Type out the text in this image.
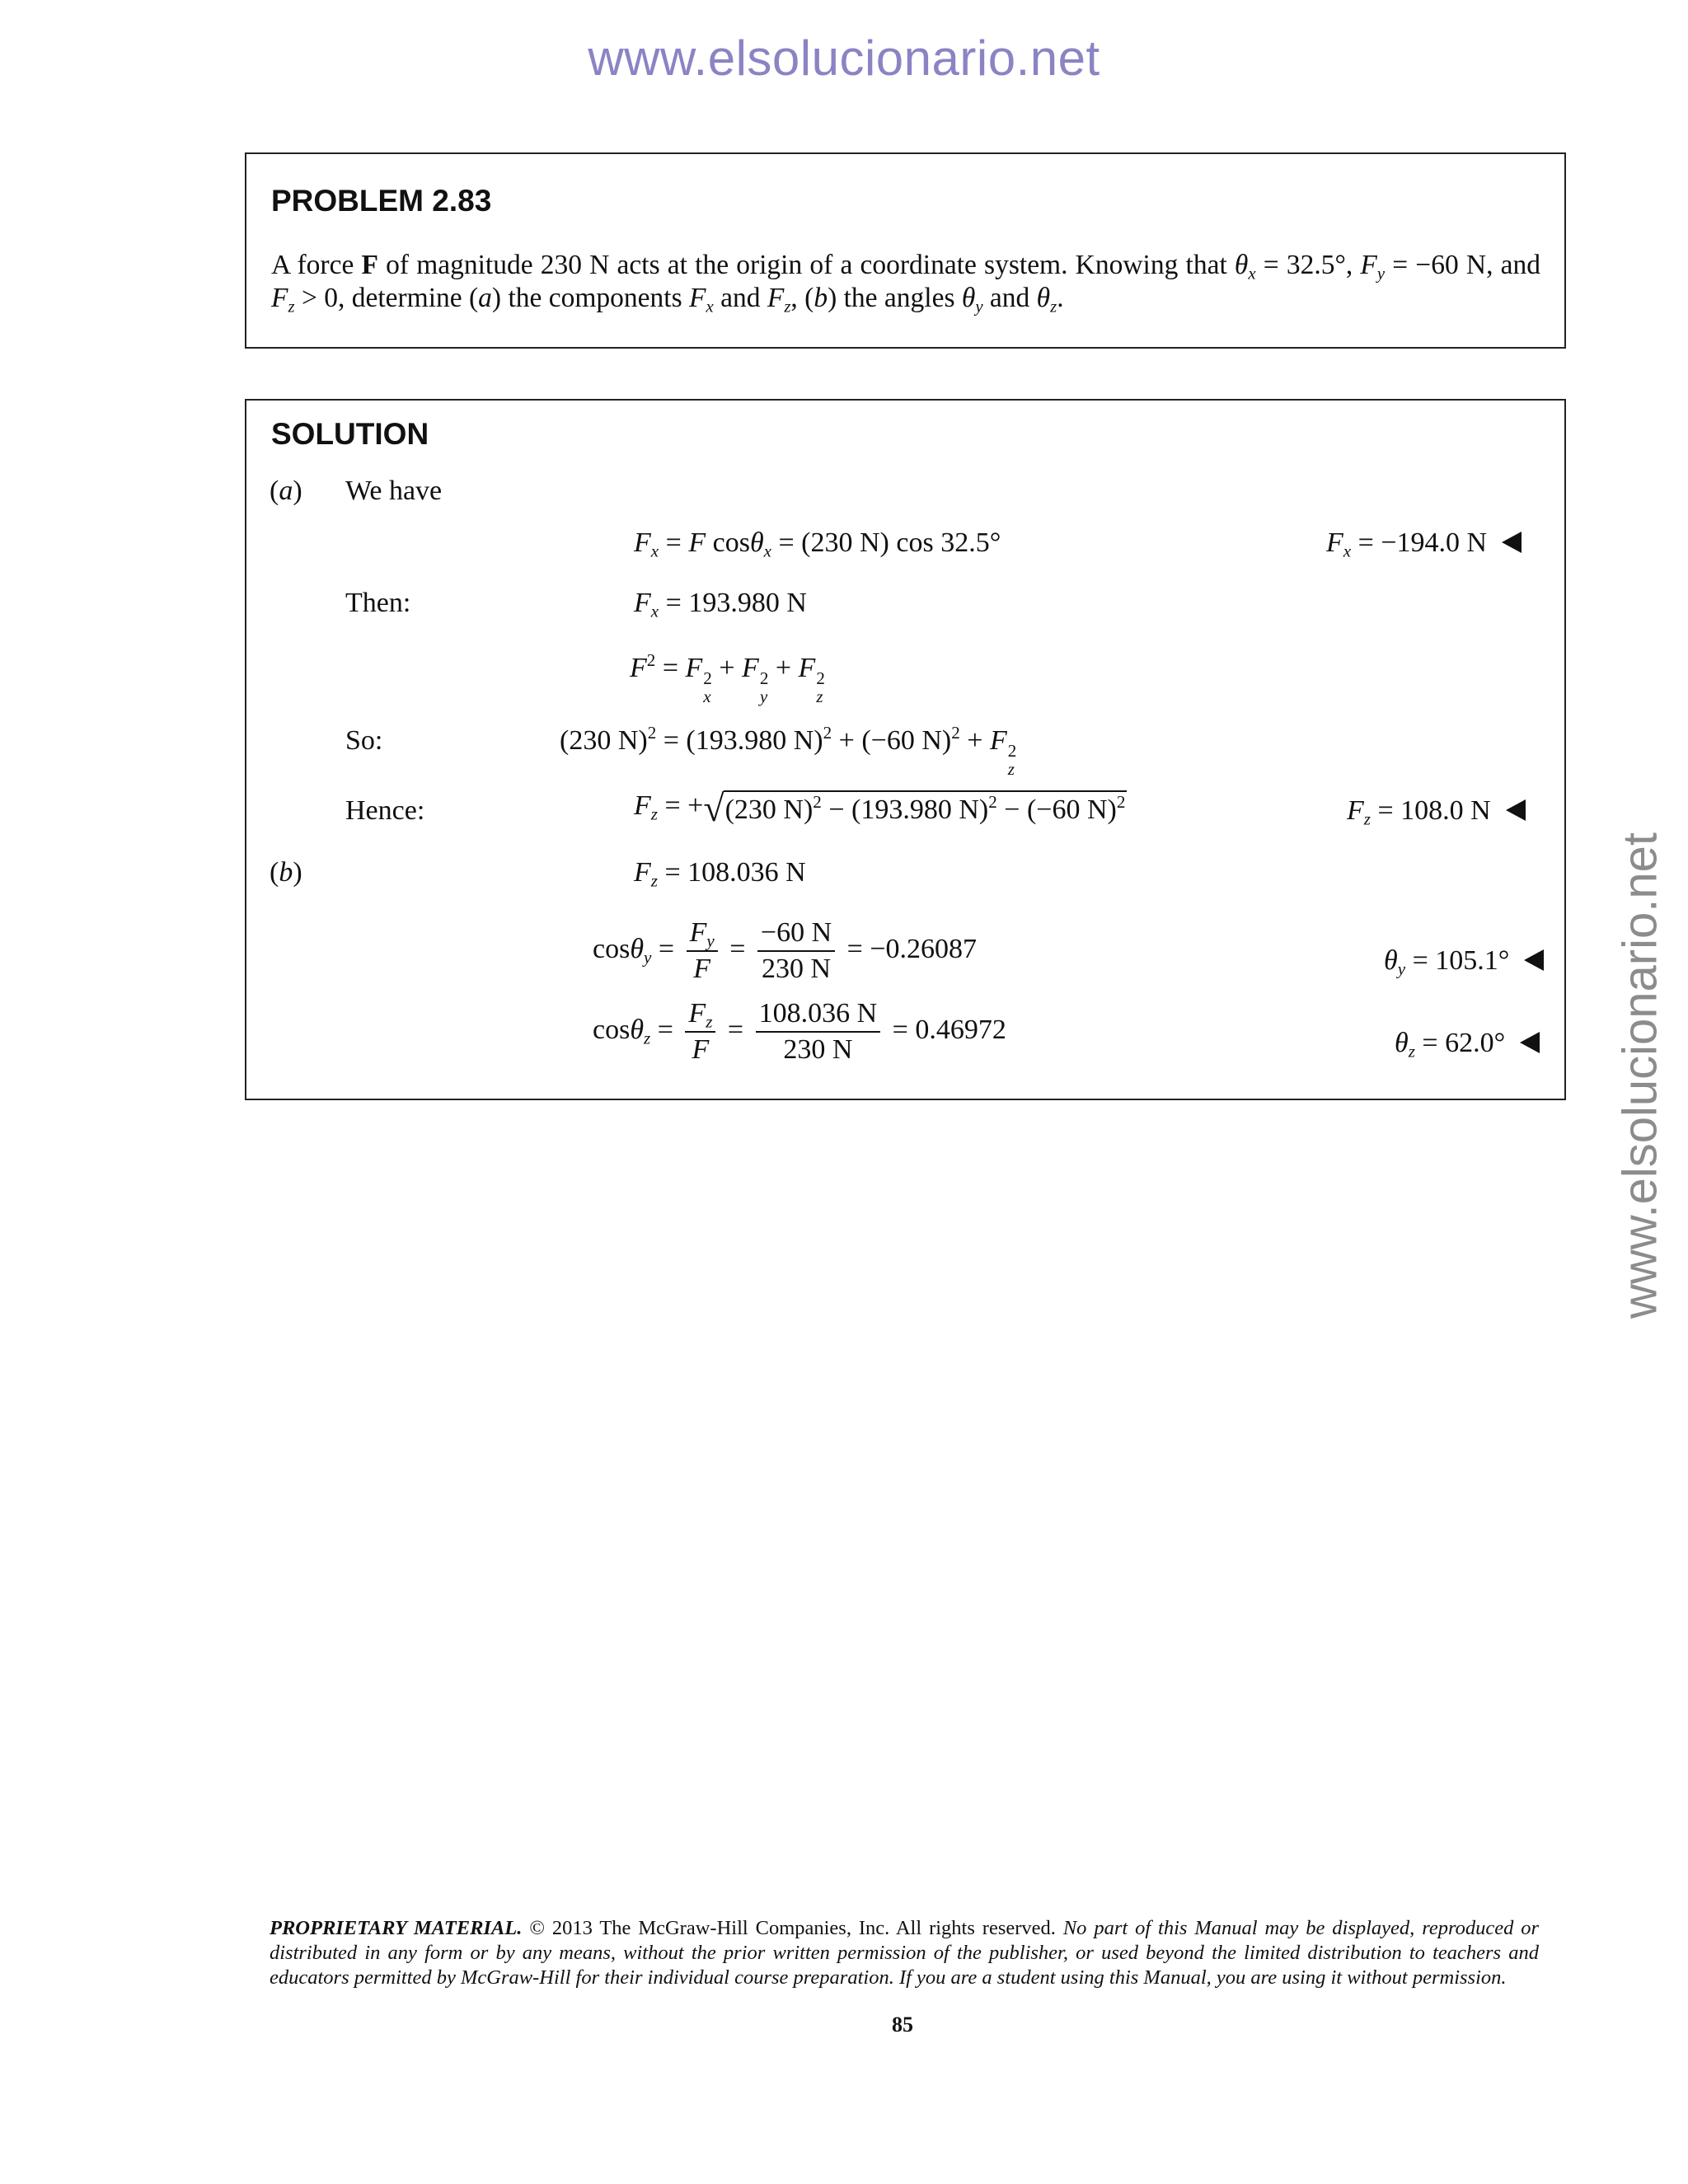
www.elsolucionario.net
www.elsolucionario.net
PROBLEM 2.83
A force F of magnitude 230 N acts at the origin of a coordinate system. Knowing that $\theta_x = 32.5^\circ$, $F_y = -60$ N, and $F_z > 0$, determine (a) the components $F_x$ and $F_z$, (b) the angles $\theta_y$ and $\theta_z$.
SOLUTION
(a) We have
$F_x = F$ cosθ$_x$ = (230 N) cos 32.5°	$F_x = -194.0$ N
Then:	$F_x = 193.980$ N
$F^2 = F$ 2
x
+ F 2
y
+ F 2
z
So:	(230 N)$^2$ = (193.980 N)$^2$ + (−60 N)$^2$ + F 2
z
Hence:	$F_z$ = + √ (230 N)$^2$ − (193.980 N)$^2$ − (−60 N)$^2$	$F_z = 108.0$ N
(b)	$F_z = 108.036$ N
$\cos\theta_y = \frac{F_y}{F} = \frac{-60 N}{230 N} = -0.26087$	$\theta_y = 105.1^\circ$
$\cos\theta_z = \frac{F_z}{F} = \frac{108.036 N}{230 N} = 0.46972$	$\theta_z = 62.0^\circ$
PROPRIETARY MATERIAL. © 2013 The McGraw-Hill Companies, Inc. All rights reserved. No part of this Manual may be displayed, reproduced or distributed in any form or by any means, without the prior written permission of the publisher, or used beyond the limited distribution to teachers and educators permitted by McGraw-Hill for their individual course preparation. If you are a student using this Manual, you are using it without permission.
85
